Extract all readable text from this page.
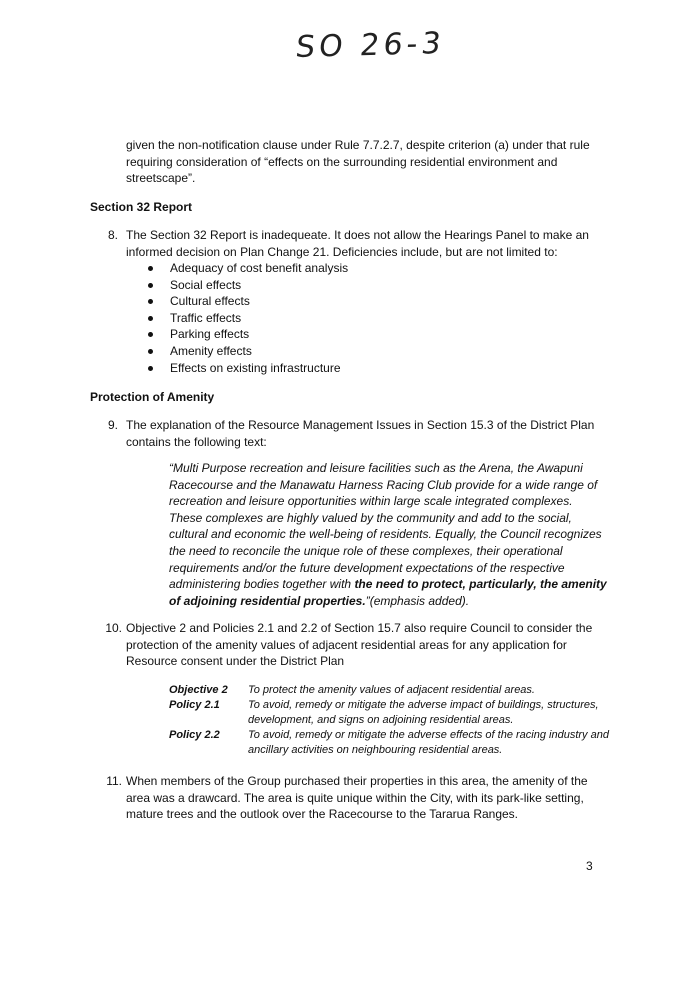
SO 26-3
given the non-notification clause under Rule 7.7.2.7, despite criterion (a) under that rule requiring consideration of “effects on the surrounding residential environment and streetscape”.
Section 32 Report
8. The Section 32 Report is inadequeate. It does not allow the Hearings Panel to make an informed decision on Plan Change 21. Deficiencies include, but are not limited to:
Adequacy of cost benefit analysis
Social effects
Cultural effects
Traffic effects
Parking effects
Amenity effects
Effects on existing infrastructure
Protection of Amenity
9. The explanation of the Resource Management Issues in Section 15.3 of the District Plan contains the following text:
“Multi Purpose recreation and leisure facilities such as the Arena, the Awapuni Racecourse and the Manawatu Harness Racing Club provide for a wide range of recreation and leisure opportunities within large scale integrated complexes. These complexes are highly valued by the community and add to the social, cultural and economic the well-being of residents. Equally, the Council recognizes the need to reconcile the unique role of these complexes, their operational requirements and/or the future development expectations of the respective administering bodies together with the need to protect, particularly, the amenity of adjoining residential properties.”(emphasis added).
10. Objective 2 and Policies 2.1 and 2.2 of Section 15.7 also require Council to consider the protection of the amenity values of adjacent residential areas for any application for Resource consent under the District Plan
Objective 2	To protect the amenity values of adjacent residential areas.
Policy 2.1	To avoid, remedy or mitigate the adverse impact of buildings, structures, development, and signs on adjoining residential areas.
Policy 2.2	To avoid, remedy or mitigate the adverse effects of the racing industry and ancillary activities on neighbouring residential areas.
11. When members of the Group purchased their properties in this area, the amenity of the area was a drawcard. The area is quite unique within the City, with its park-like setting, mature trees and the outlook over the Racecourse to the Tararua Ranges.
3
